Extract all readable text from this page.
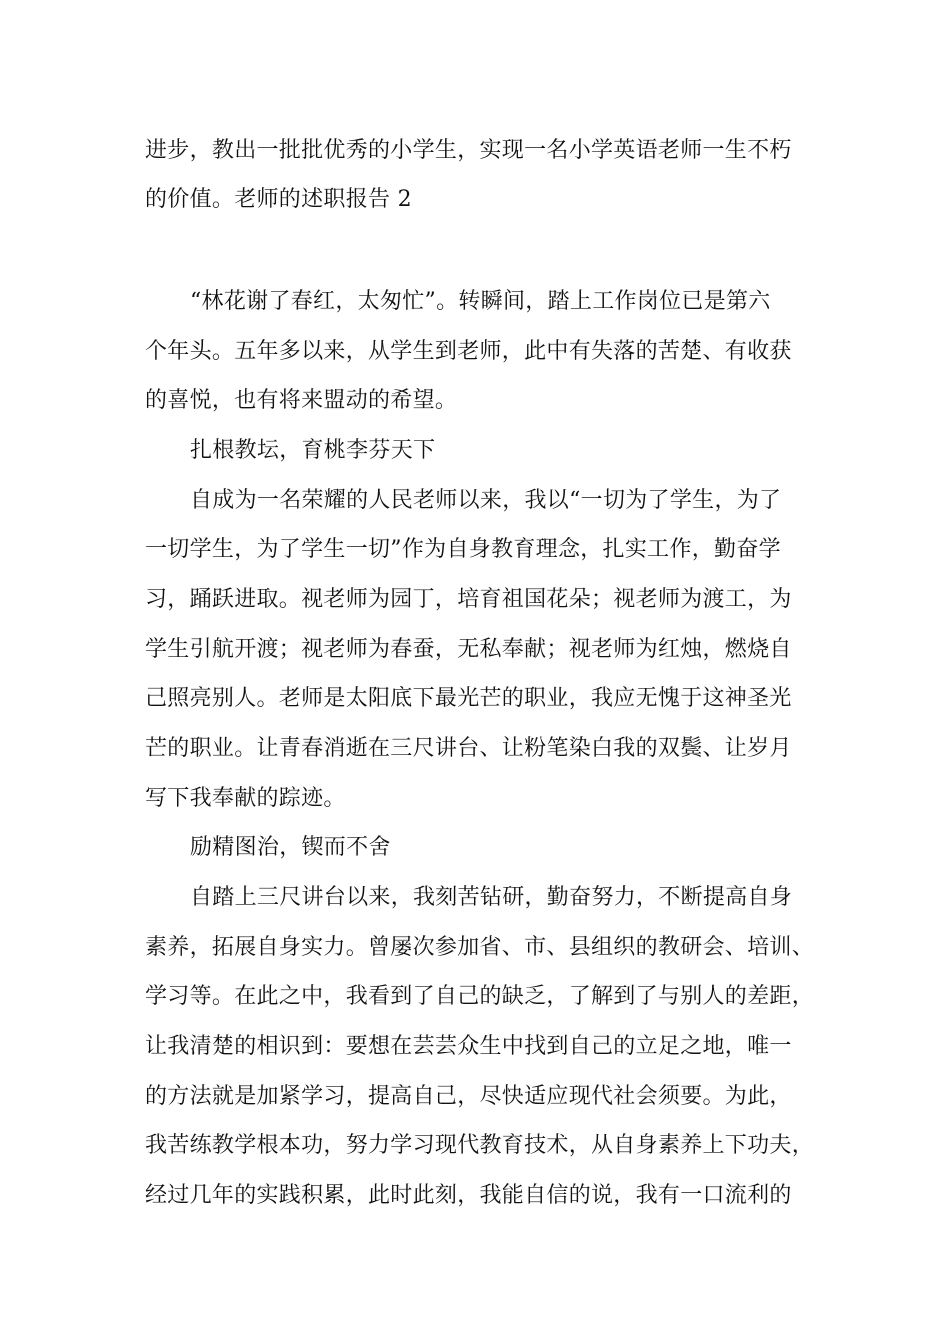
进步，教出一批批优秀的小学生，实现一名小学英语老师一生不朽
的价值。老师的述职报告 2
“林花谢了春红，太匆忙”。转瞬间，踏上工作岗位已是第六
个年头。五年多以来，从学生到老师，此中有失落的苦楚、有收获
的喜悦，也有将来盟动的希望。
扎根教坛，育桃李芬天下
自成为一名荣耀的人民老师以来，我以“一切为了学生，为了
一切学生，为了学生一切”作为自身教育理念，扎实工作，勤奋学
习，踊跃进取。视老师为园丁，培育祖国花朵；视老师为渡工，为
学生引航开渡；视老师为春蚕，无私奉献；视老师为红烛，燃烧自
己照亮别人。老师是太阳底下最光芒的职业，我应无愧于这神圣光
芒的职业。让青春消逝在三尺讲台、让粉笔染白我的双鬓、让岁月
写下我奉献的踪迹。
励精图治，锲而不舍
自踏上三尺讲台以来，我刻苦钻研，勤奋努力，不断提高自身
素养，拓展自身实力。曾屡次参加省、市、县组织的教研会、培训、
学习等。在此之中，我看到了自己的缺乏，了解到了与别人的差距，
让我清楚的相识到：要想在芸芸众生中找到自己的立足之地，唯一
的方法就是加紧学习，提高自己，尽快适应现代社会须要。为此，
我苦练教学根本功，努力学习现代教育技术，从自身素养上下功夫，
经过几年的实践积累，此时此刻，我能自信的说，我有一口流利的
